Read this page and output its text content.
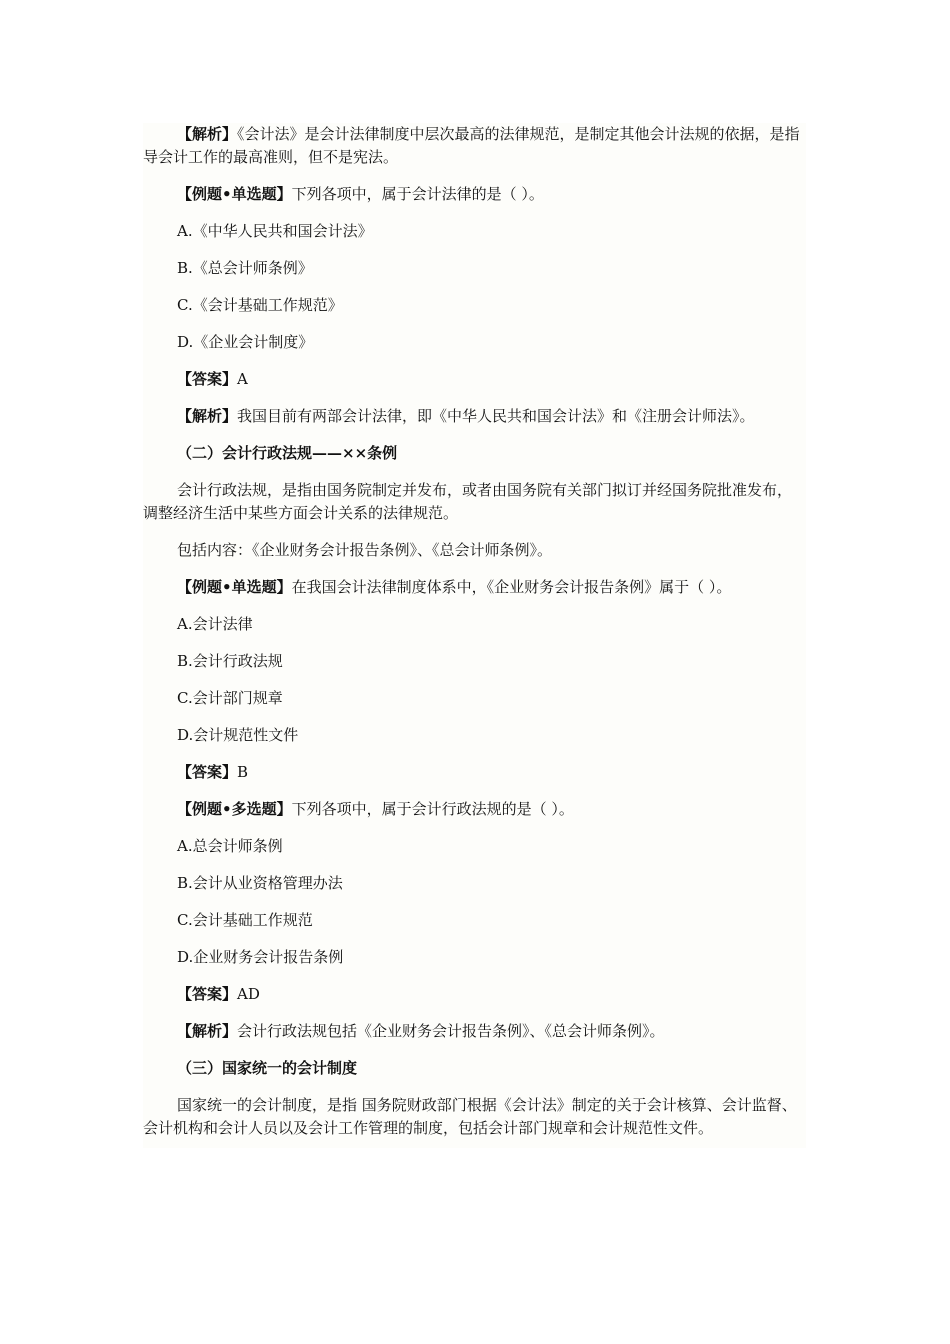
【解析】《会计法》是会计法律制度中层次最高的法律规范，是制定其他会计法规的依据，是指导会计工作的最高准则，但不是宪法。

【例题•单选题】下列各项中，属于会计法律的是（ ）。

A.《中华人民共和国会计法》

B.《总会计师条例》

C.《会计基础工作规范》

D.《企业会计制度》

【答案】A

【解析】我国目前有两部会计法律，即《中华人民共和国会计法》和《注册会计师法》。

（二）会计行政法规——××条例

会计行政法规，是指由国务院制定并发布，或者由国务院有关部门拟订并经国务院批准发布，调整经济生活中某些方面会计关系的法律规范。

包括内容：《企业财务会计报告条例》、《总会计师条例》。

【例题•单选题】在我国会计法律制度体系中，《企业财务会计报告条例》属于（ ）。

A.会计法律

B.会计行政法规

C.会计部门规章

D.会计规范性文件

【答案】B

【例题•多选题】下列各项中，属于会计行政法规的是（ ）。

A.总会计师条例

B.会计从业资格管理办法

C.会计基础工作规范

D.企业财务会计报告条例

【答案】AD

【解析】会计行政法规包括《企业财务会计报告条例》、《总会计师条例》。

（三）国家统一的会计制度

国家统一的会计制度，是指 国务院财政部门根据《会计法》制定的关于会计核算、会计监督、会计机构和会计人员以及会计工作管理的制度，包括会计部门规章和会计规范性文件。
